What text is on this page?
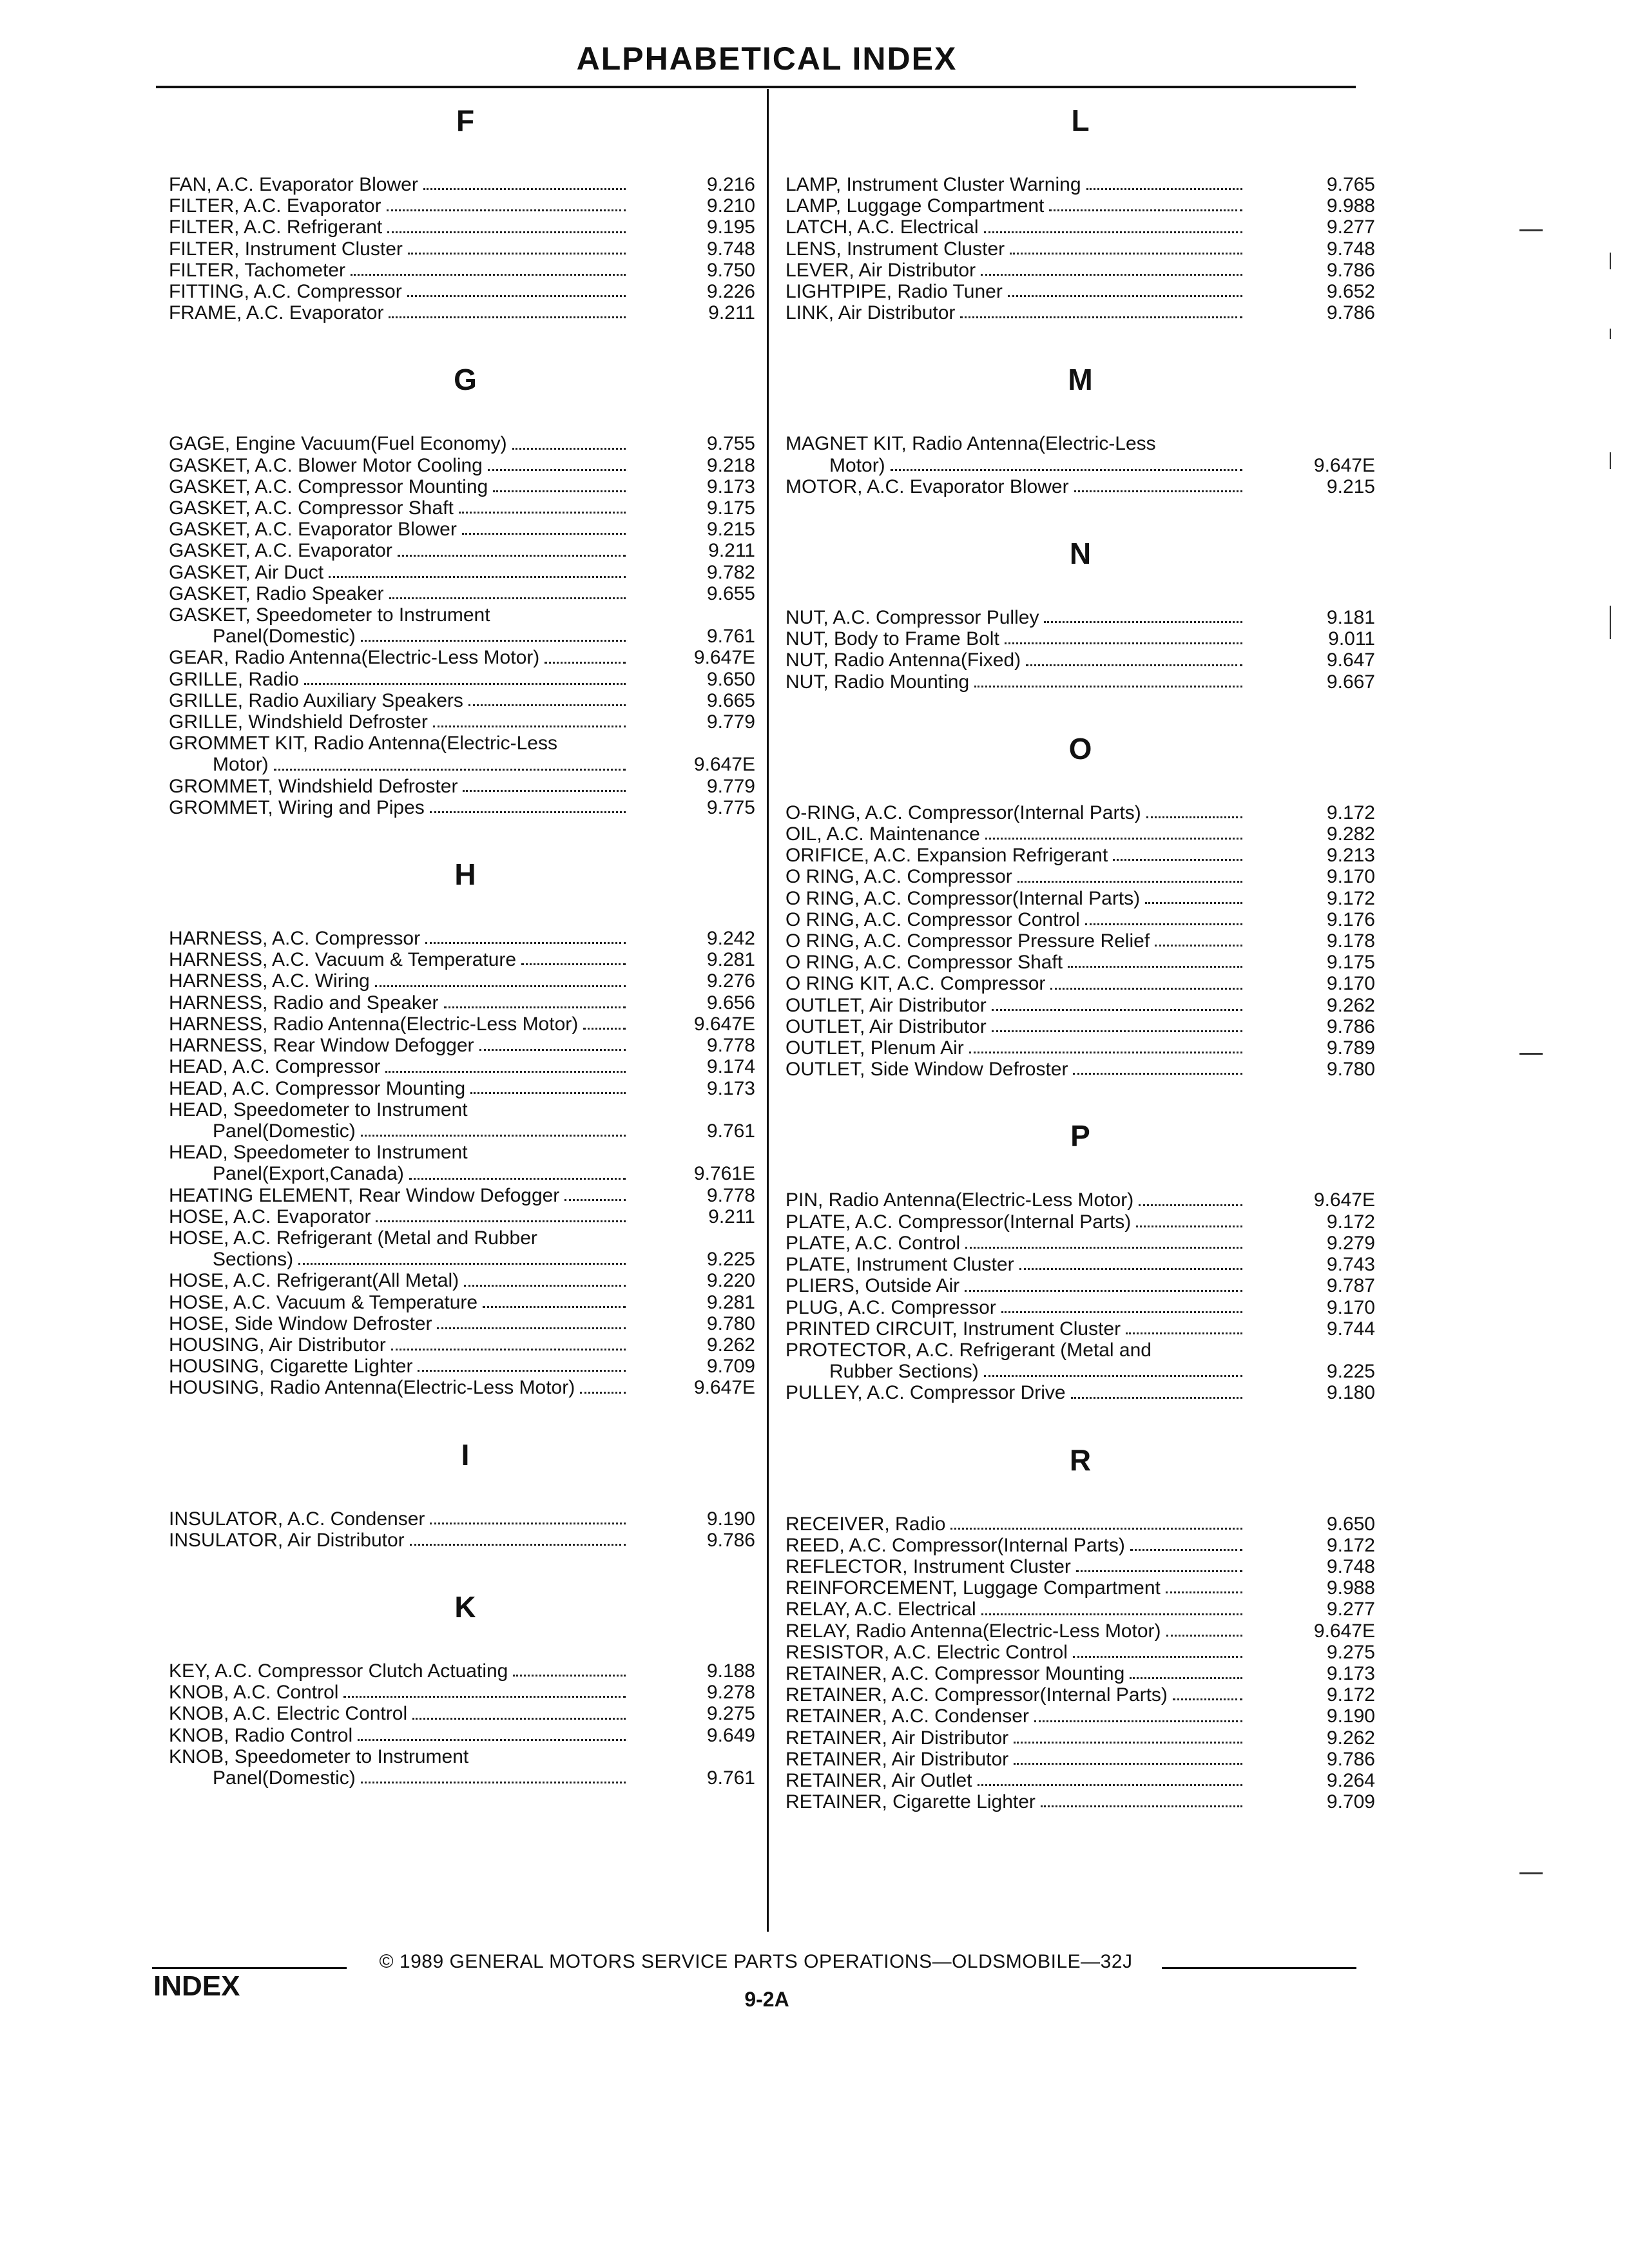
ALPHABETICAL INDEX
F
FAN, A.C. Evaporator Blower	9.216
FILTER, A.C. Evaporator	9.210
FILTER, A.C. Refrigerant	9.195
FILTER, Instrument Cluster	9.748
FILTER, Tachometer	9.750
FITTING, A.C. Compressor	9.226
FRAME, A.C. Evaporator	9.211
G
GAGE, Engine Vacuum(Fuel Economy)	9.755
GASKET, A.C. Blower Motor Cooling	9.218
GASKET, A.C. Compressor Mounting	9.173
GASKET, A.C. Compressor Shaft	9.175
GASKET, A.C. Evaporator Blower	9.215
GASKET, A.C. Evaporator	9.211
GASKET, Air Duct	9.782
GASKET, Radio Speaker	9.655
GASKET, Speedometer to Instrument
Panel(Domestic)	9.761
GEAR, Radio Antenna(Electric-Less Motor)	9.647E
GRILLE, Radio	9.650
GRILLE, Radio Auxiliary Speakers	9.665
GRILLE, Windshield Defroster	9.779
GROMMET KIT, Radio Antenna(Electric-Less
Motor)	9.647E
GROMMET, Windshield Defroster	9.779
GROMMET, Wiring and Pipes	9.775
H
HARNESS, A.C. Compressor	9.242
HARNESS, A.C. Vacuum & Temperature	9.281
HARNESS, A.C. Wiring	9.276
HARNESS, Radio and Speaker	9.656
HARNESS, Radio Antenna(Electric-Less Motor)	9.647E
HARNESS, Rear Window Defogger	9.778
HEAD, A.C. Compressor	9.174
HEAD, A.C. Compressor Mounting	9.173
HEAD, Speedometer to Instrument
Panel(Domestic)	9.761
HEAD, Speedometer to Instrument
Panel(Export,Canada)	9.761E
HEATING ELEMENT, Rear Window Defogger	9.778
HOSE, A.C. Evaporator	9.211
HOSE, A.C. Refrigerant (Metal and Rubber
Sections)	9.225
HOSE, A.C. Refrigerant(All Metal)	9.220
HOSE, A.C. Vacuum & Temperature	9.281
HOSE, Side Window Defroster	9.780
HOUSING, Air Distributor	9.262
HOUSING, Cigarette Lighter	9.709
HOUSING, Radio Antenna(Electric-Less Motor)	9.647E
I
INSULATOR, A.C. Condenser	9.190
INSULATOR, Air Distributor	9.786
K
KEY, A.C. Compressor Clutch Actuating	9.188
KNOB, A.C. Control	9.278
KNOB, A.C. Electric Control	9.275
KNOB, Radio Control	9.649
KNOB, Speedometer to Instrument
Panel(Domestic)	9.761
L
LAMP, Instrument Cluster Warning	9.765
LAMP, Luggage Compartment	9.988
LATCH, A.C. Electrical	9.277
LENS, Instrument Cluster	9.748
LEVER, Air Distributor	9.786
LIGHTPIPE, Radio Tuner	9.652
LINK, Air Distributor	9.786
M
MAGNET KIT, Radio Antenna(Electric-Less
Motor)	9.647E
MOTOR, A.C. Evaporator Blower	9.215
N
NUT, A.C. Compressor Pulley	9.181
NUT, Body to Frame Bolt	9.011
NUT, Radio Antenna(Fixed)	9.647
NUT, Radio Mounting	9.667
O
O-RING, A.C. Compressor(Internal Parts)	9.172
OIL, A.C. Maintenance	9.282
ORIFICE, A.C. Expansion Refrigerant	9.213
O RING, A.C. Compressor	9.170
O RING, A.C. Compressor(Internal Parts)	9.172
O RING, A.C. Compressor Control	9.176
O RING, A.C. Compressor Pressure Relief	9.178
O RING, A.C. Compressor Shaft	9.175
O RING KIT, A.C. Compressor	9.170
OUTLET, Air Distributor	9.262
OUTLET, Air Distributor	9.786
OUTLET, Plenum Air	9.789
OUTLET, Side Window Defroster	9.780
P
PIN, Radio Antenna(Electric-Less Motor)	9.647E
PLATE, A.C. Compressor(Internal Parts)	9.172
PLATE, A.C. Control	9.279
PLATE, Instrument Cluster	9.743
PLIERS, Outside Air	9.787
PLUG, A.C. Compressor	9.170
PRINTED CIRCUIT, Instrument Cluster	9.744
PROTECTOR, A.C. Refrigerant (Metal and
Rubber Sections)	9.225
PULLEY, A.C. Compressor Drive	9.180
R
RECEIVER, Radio	9.650
REED, A.C. Compressor(Internal Parts)	9.172
REFLECTOR, Instrument Cluster	9.748
REINFORCEMENT, Luggage Compartment	9.988
RELAY, A.C. Electrical	9.277
RELAY, Radio Antenna(Electric-Less Motor)	9.647E
RESISTOR, A.C. Electric Control	9.275
RETAINER, A.C. Compressor Mounting	9.173
RETAINER, A.C. Compressor(Internal Parts)	9.172
RETAINER, A.C. Condenser	9.190
RETAINER, Air Distributor	9.262
RETAINER, Air Distributor	9.786
RETAINER, Air Outlet	9.264
RETAINER, Cigarette Lighter	9.709
© 1989 GENERAL MOTORS SERVICE PARTS OPERATIONS—OLDSMOBILE—32J
INDEX	9-2A
